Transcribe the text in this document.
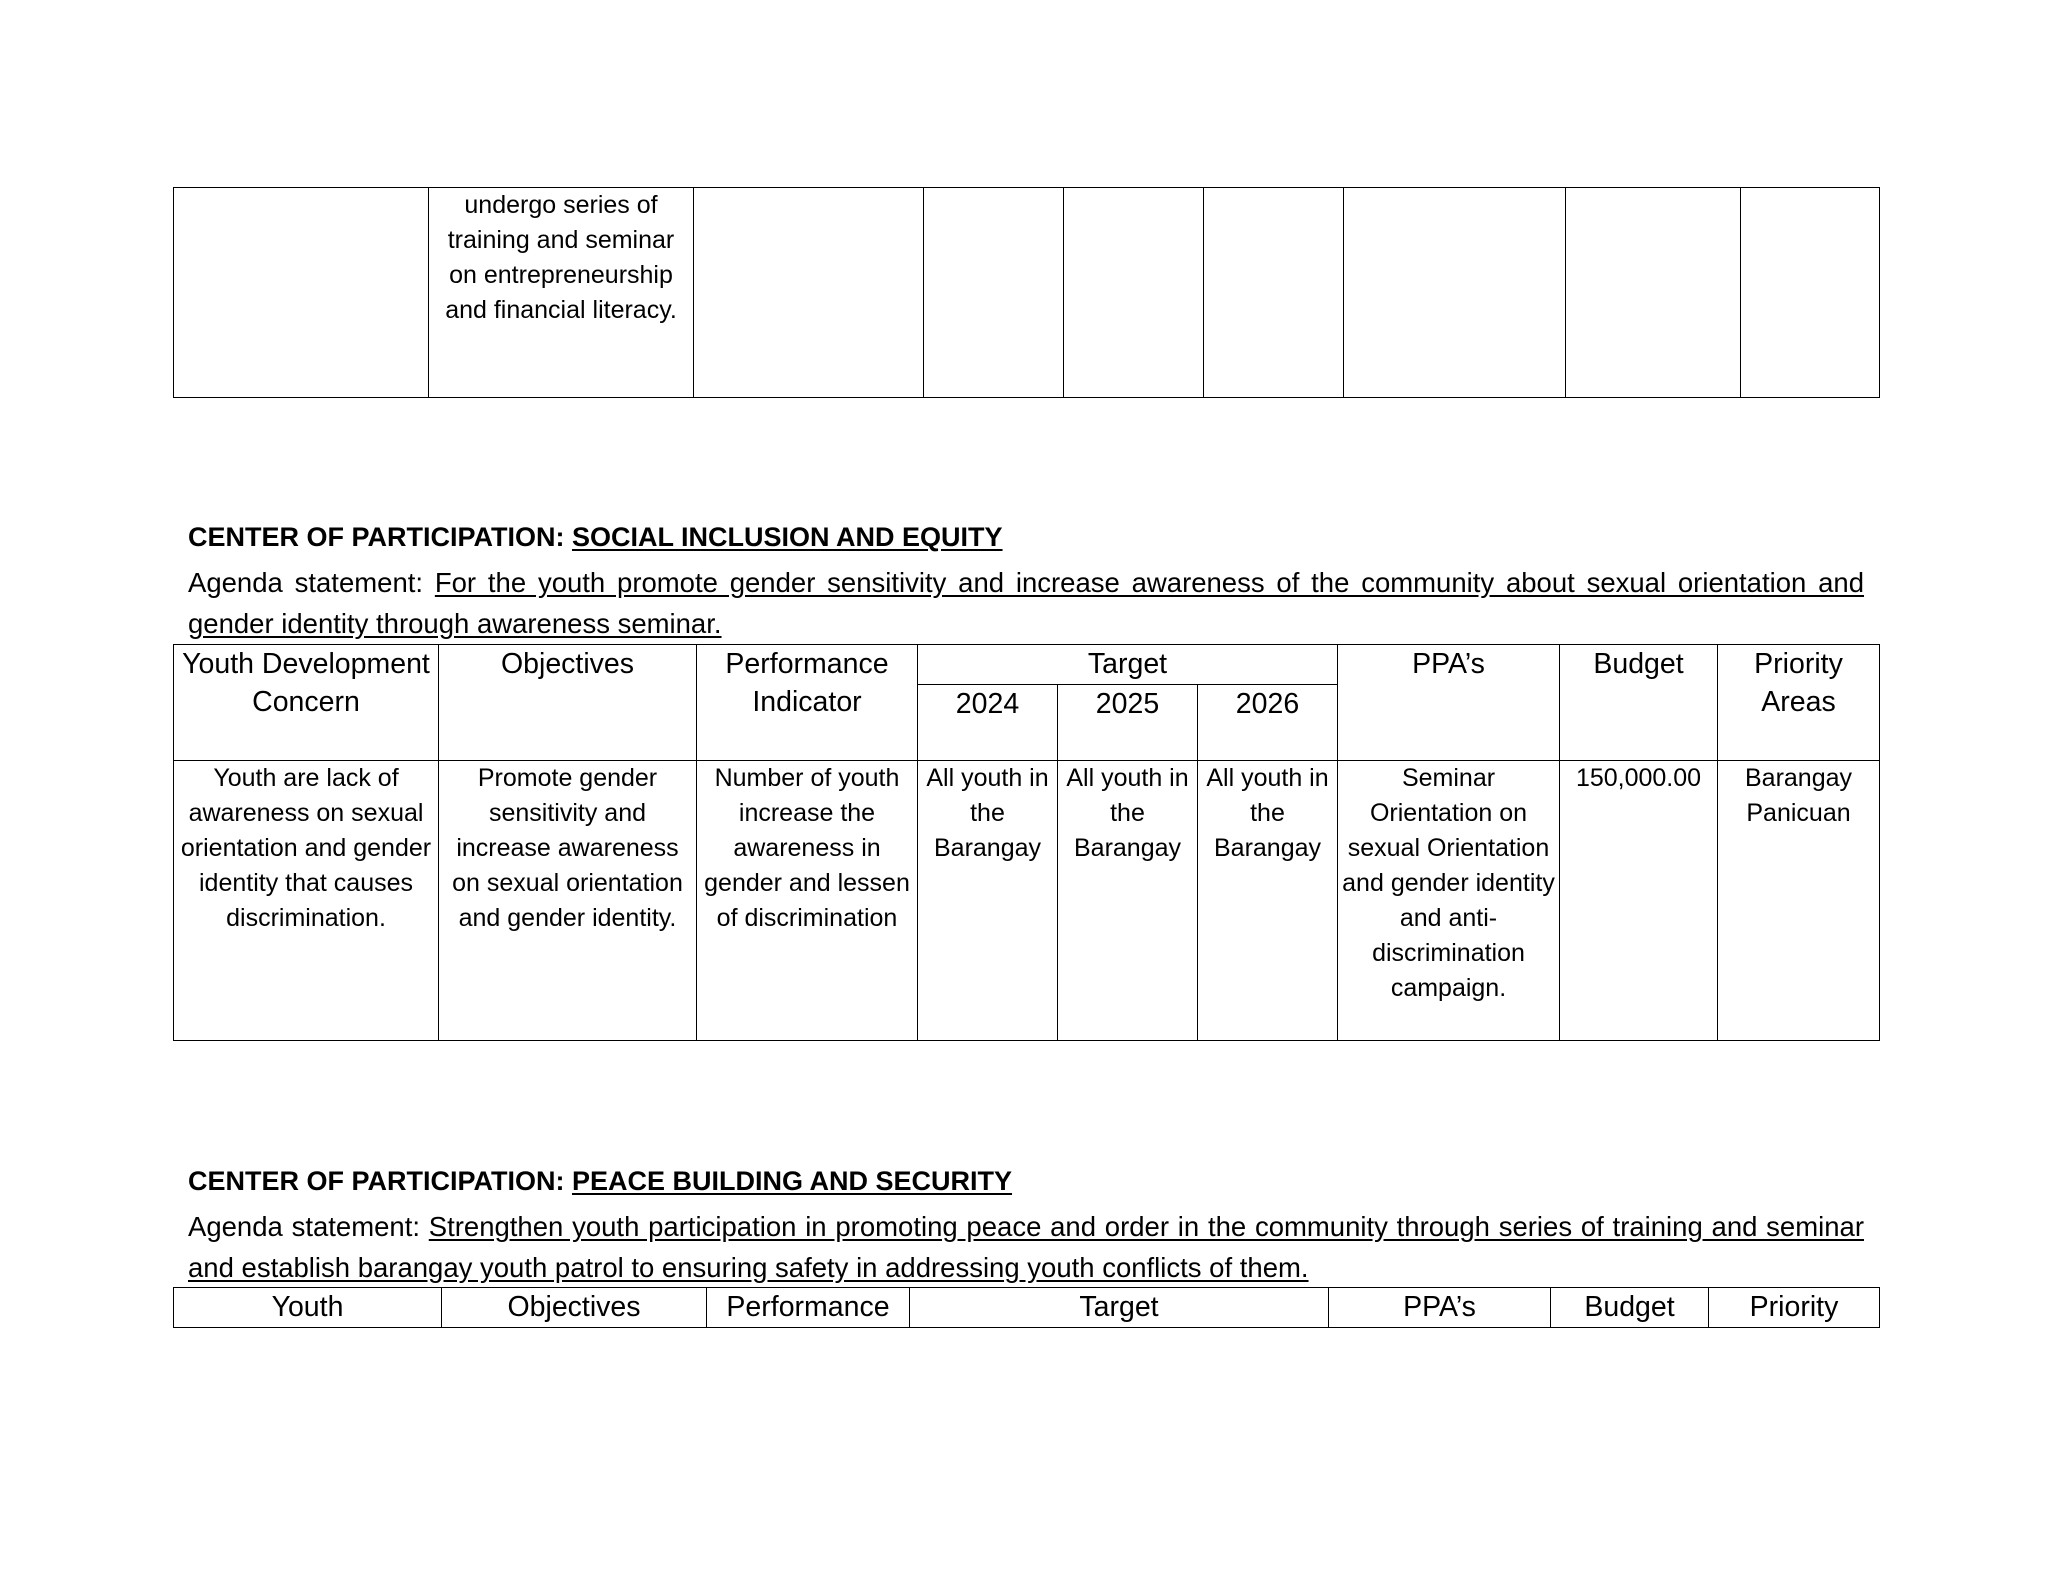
	undergo series of training and seminar on entrepreneurship and financial literacy.							
CENTER OF PARTICIPATION: SOCIAL INCLUSION AND EQUITY
Agenda statement: For the youth promote gender sensitivity and increase awareness of the community about sexual orientation and gender identity through awareness seminar.
Youth Development Concern	Objectives	Performance Indicator	Target			PPA’s	Budget	Priority Areas
			2024	2025	2026			
Youth are lack of awareness on sexual orientation and gender identity that causes discrimination.	Promote gender sensitivity and increase awareness on sexual orientation and gender identity.	Number of youth increase the awareness in gender and lessen of discrimination	All youth in the Barangay	All youth in the Barangay	All youth in the Barangay	Seminar Orientation on sexual Orientation and gender identity and anti-discrimination campaign.	150,000.00	Barangay Panicuan
CENTER OF PARTICIPATION: PEACE BUILDING AND SECURITY
Agenda statement: Strengthen youth participation in promoting peace and order in the community through series of training and seminar and establish barangay youth patrol to ensuring safety in addressing youth conflicts of them.
Youth	Objectives	Performance	Target	PPA’s	Budget	Priority
